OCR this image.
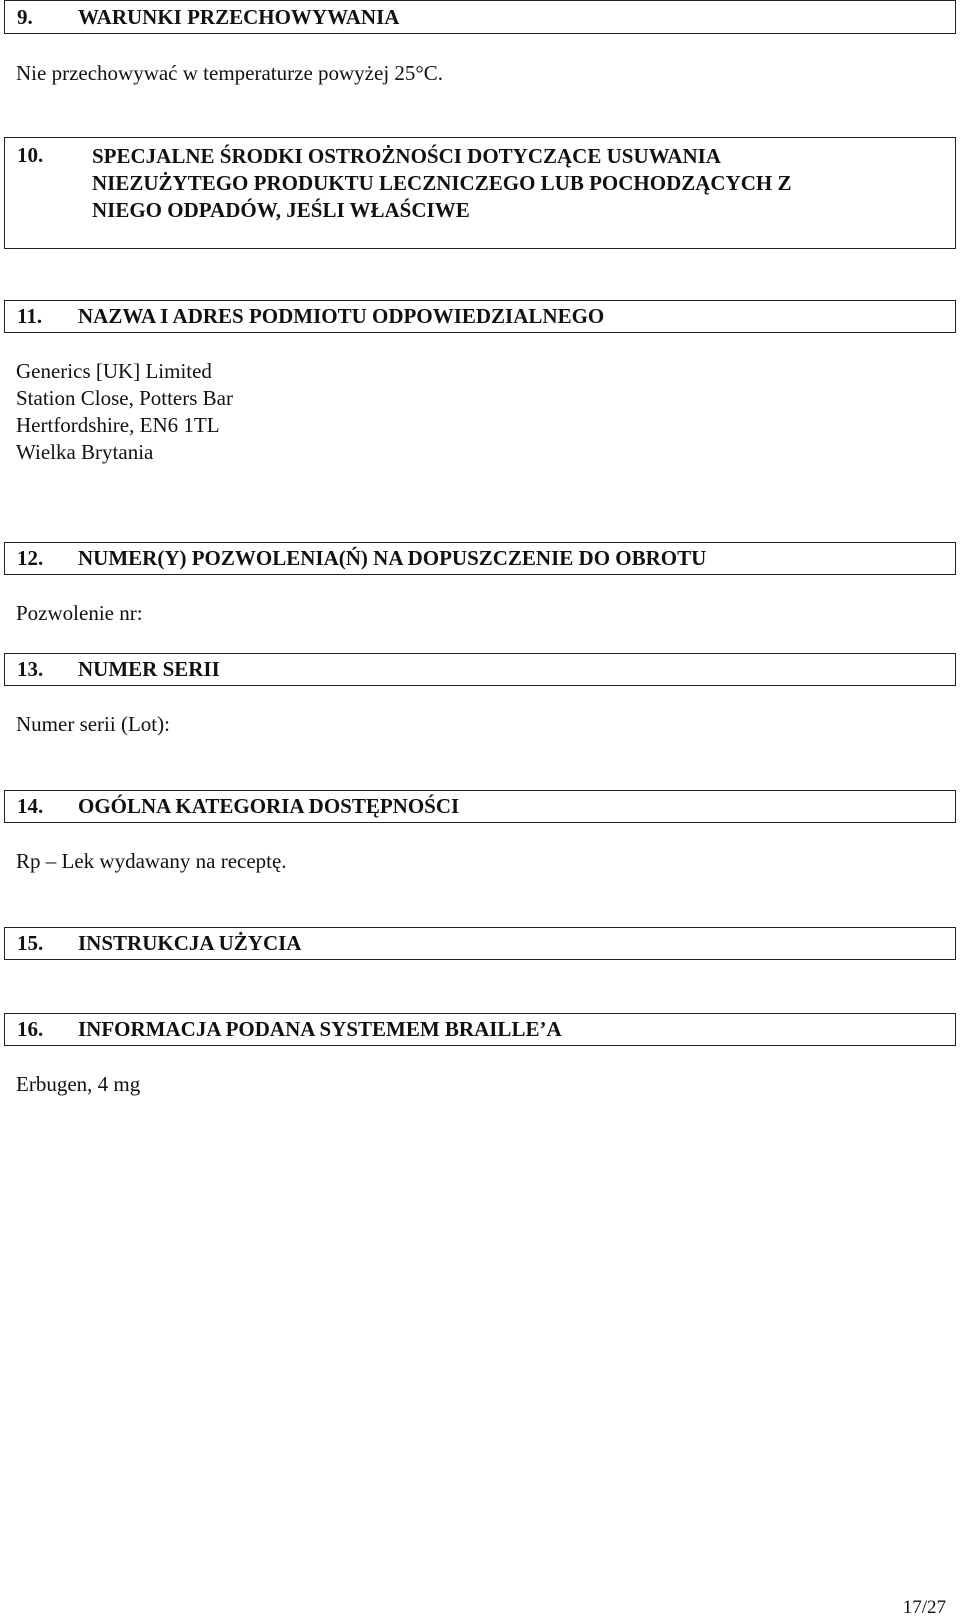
9. WARUNKI PRZECHOWYWANIA
Nie przechowywać w temperaturze powyżej 25°C.
10. SPECJALNE ŚRODKI OSTROŻNOŚCI DOTYCZĄCE USUWANIA
NIEZUŻYTEGO PRODUKTU LECZNICZEGO LUB POCHODZĄCYCH Z
NIEGO ODPADÓW, JEŚLI WŁAŚCIWE
11. NAZWA I ADRES PODMIOTU ODPOWIEDZIALNEGO
Generics [UK] Limited
Station Close, Potters Bar
Hertfordshire, EN6 1TL
Wielka Brytania
12. NUMER(Y) POZWOLENIA(Ń) NA DOPUSZCZENIE DO OBROTU
Pozwolenie nr:
13. NUMER SERII
Numer serii (Lot):
14. OGÓLNA KATEGORIA DOSTĘPNOŚCI
Rp – Lek wydawany na receptę.
15. INSTRUKCJA UŻYCIA
16. INFORMACJA PODANA SYSTEMEM BRAILLE’A
Erbugen, 4 mg
17/27
